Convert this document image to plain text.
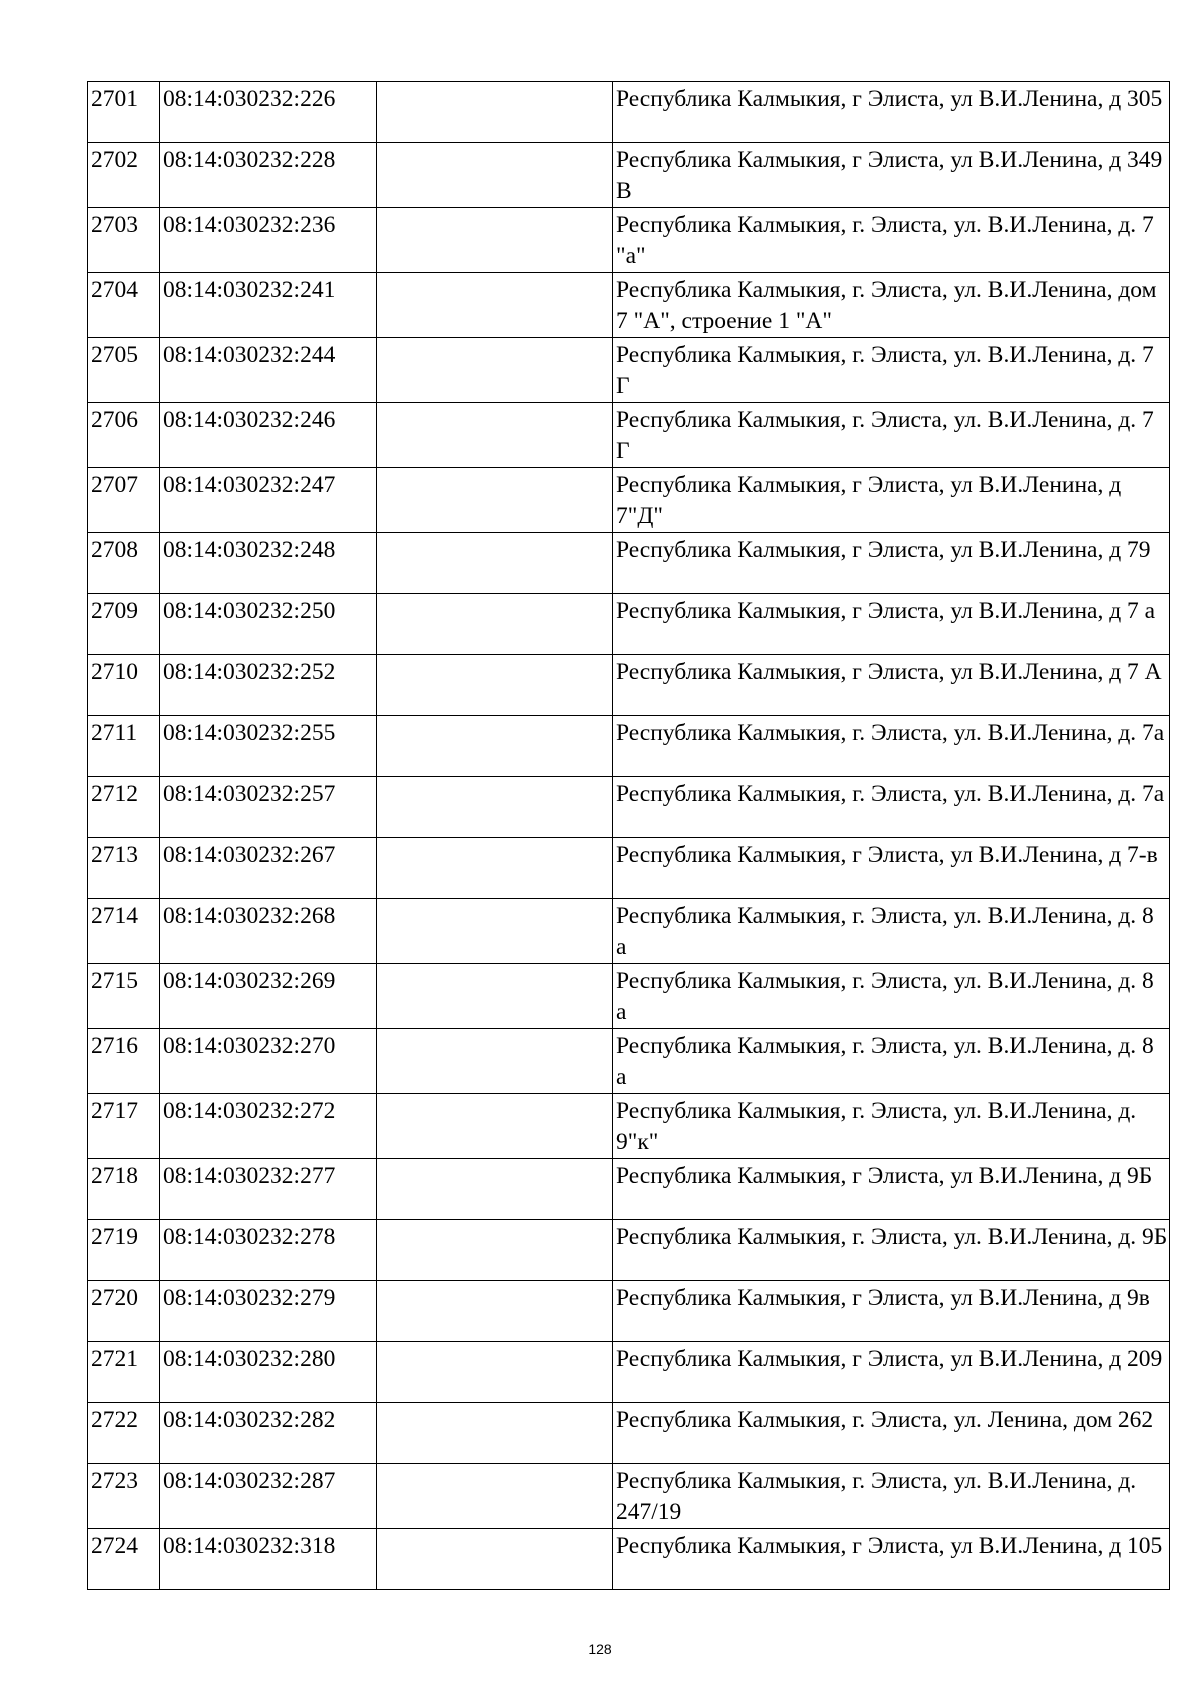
2701	08:14:030232:226		Республика Калмыкия, г Элиста, ул В.И.Ленина, д 305
2702	08:14:030232:228		Республика Калмыкия, г Элиста, ул В.И.Ленина, д 349 В
2703	08:14:030232:236		Республика Калмыкия, г. Элиста, ул. В.И.Ленина, д. 7 "а"
2704	08:14:030232:241		Республика Калмыкия, г. Элиста, ул. В.И.Ленина, дом 7 "А", строение 1 "А"
2705	08:14:030232:244		Республика Калмыкия, г. Элиста, ул. В.И.Ленина, д. 7 Г
2706	08:14:030232:246		Республика Калмыкия, г. Элиста, ул. В.И.Ленина, д. 7 Г
2707	08:14:030232:247		Республика Калмыкия, г Элиста, ул В.И.Ленина, д 7"Д"
2708	08:14:030232:248		Республика Калмыкия, г Элиста, ул В.И.Ленина, д 79
2709	08:14:030232:250		Республика Калмыкия, г Элиста, ул В.И.Ленина, д 7 а
2710	08:14:030232:252		Республика Калмыкия, г Элиста, ул В.И.Ленина, д 7 А
2711	08:14:030232:255		Республика Калмыкия, г. Элиста, ул. В.И.Ленина, д. 7а
2712	08:14:030232:257		Республика Калмыкия, г. Элиста, ул. В.И.Ленина, д. 7а
2713	08:14:030232:267		Республика Калмыкия, г Элиста, ул В.И.Ленина, д 7-в
2714	08:14:030232:268		Республика Калмыкия, г. Элиста, ул. В.И.Ленина, д. 8 а
2715	08:14:030232:269		Республика Калмыкия, г. Элиста, ул. В.И.Ленина, д. 8 а
2716	08:14:030232:270		Республика Калмыкия, г. Элиста, ул. В.И.Ленина, д. 8 а
2717	08:14:030232:272		Республика Калмыкия, г. Элиста, ул. В.И.Ленина, д. 9"к"
2718	08:14:030232:277		Республика Калмыкия, г Элиста, ул В.И.Ленина, д 9Б
2719	08:14:030232:278		Республика Калмыкия, г. Элиста, ул. В.И.Ленина, д. 9Б
2720	08:14:030232:279		Республика Калмыкия, г Элиста, ул В.И.Ленина, д 9в
2721	08:14:030232:280		Республика Калмыкия, г Элиста, ул В.И.Ленина, д 209
2722	08:14:030232:282		Республика Калмыкия, г. Элиста, ул. Ленина, дом 262
2723	08:14:030232:287		Республика Калмыкия, г. Элиста, ул. В.И.Ленина, д. 247/19
2724	08:14:030232:318		Республика Калмыкия, г Элиста, ул В.И.Ленина, д 105
128
